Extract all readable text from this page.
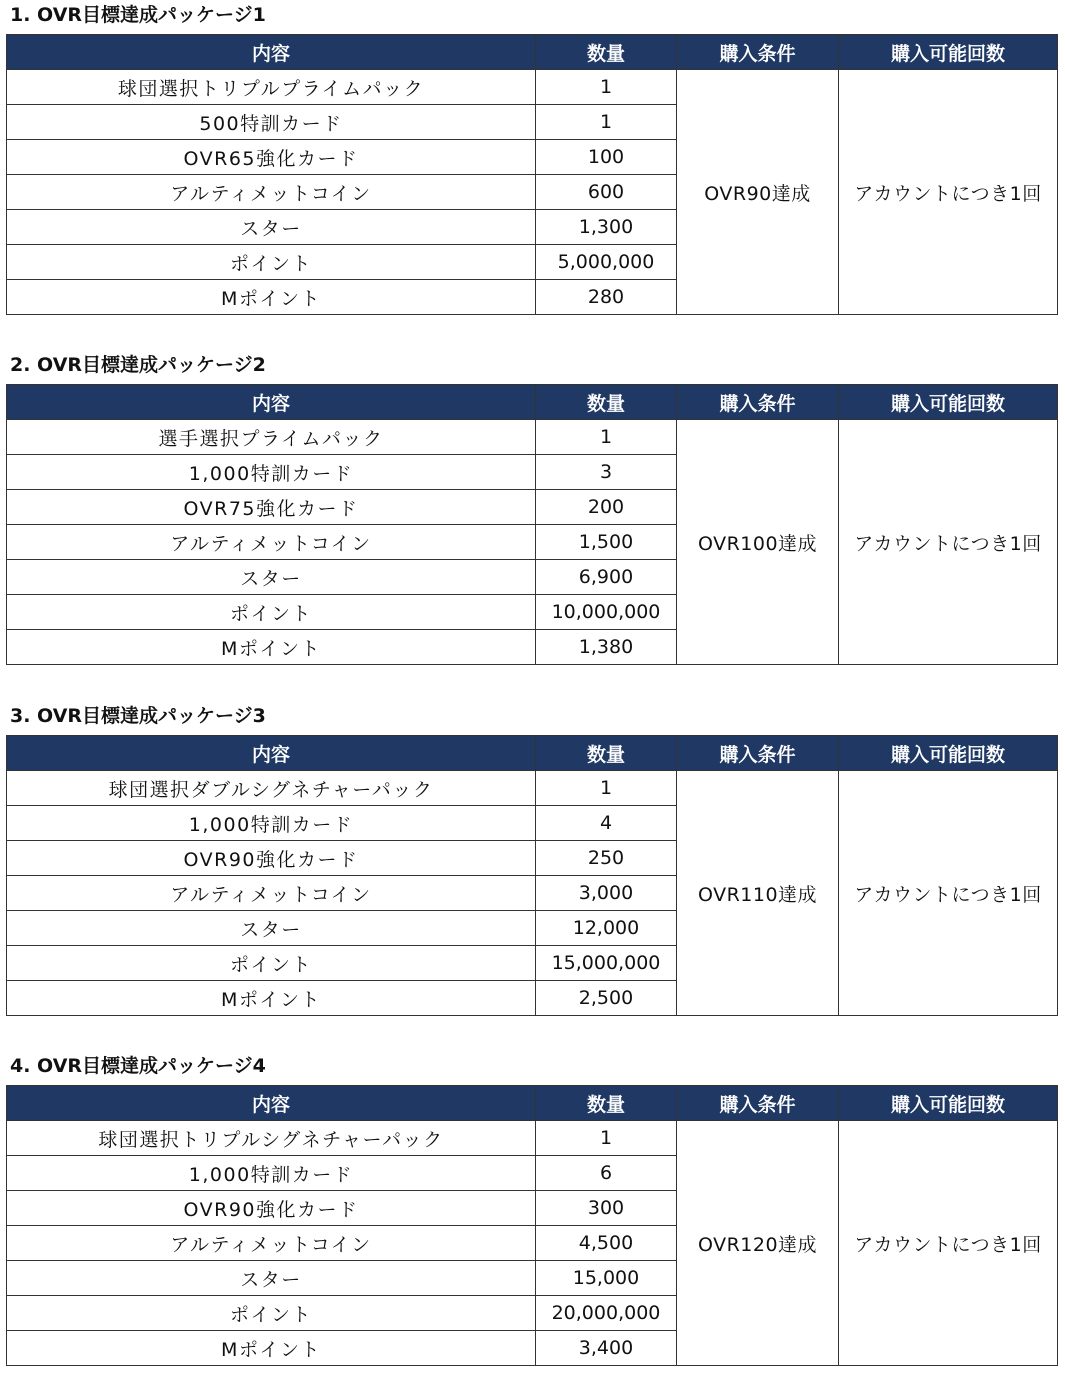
1. OVR目標達成パッケージ1
内容	数量	購入条件	購入可能回数
球団選択トリプルプライムパック	1	OVR90達成	アカウントにつき1回
500特訓カード	1		
OVR65強化カード	100		
アルティメットコイン	600		
スター	1,300		
ポイント	5,000,000		
Mポイント	280		
2. OVR目標達成パッケージ2
内容	数量	購入条件	購入可能回数
選手選択プライムパック	1	OVR100達成	アカウントにつき1回
1,000特訓カード	3		
OVR75強化カード	200		
アルティメットコイン	1,500		
スター	6,900		
ポイント	10,000,000		
Mポイント	1,380		
3. OVR目標達成パッケージ3
内容	数量	購入条件	購入可能回数
球団選択ダブルシグネチャーパック	1	OVR110達成	アカウントにつき1回
1,000特訓カード	4		
OVR90強化カード	250		
アルティメットコイン	3,000		
スター	12,000		
ポイント	15,000,000		
Mポイント	2,500		
4. OVR目標達成パッケージ4
内容	数量	購入条件	購入可能回数
球団選択トリプルシグネチャーパック	1	OVR120達成	アカウントにつき1回
1,000特訓カード	6		
OVR90強化カード	300		
アルティメットコイン	4,500		
スター	15,000		
ポイント	20,000,000		
Mポイント	3,400		
